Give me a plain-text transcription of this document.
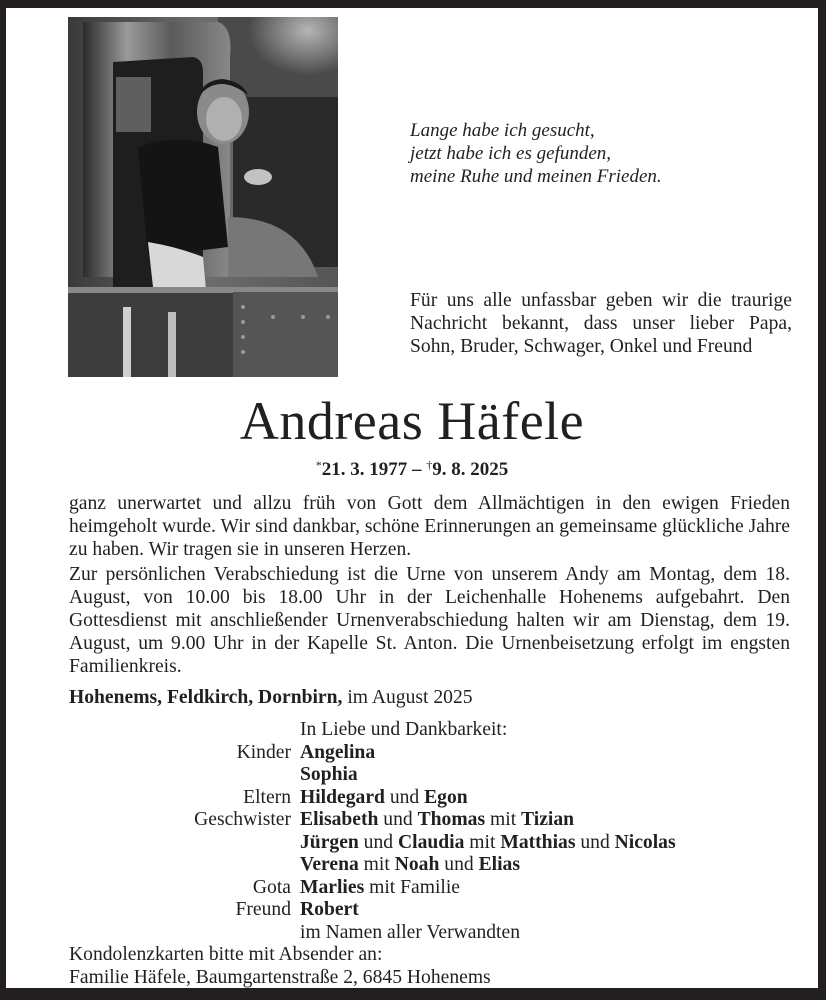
Lange habe ich gesucht,
jetzt habe ich es gefunden,
meine Ruhe und meinen Frieden.
Für uns alle unfassbar geben wir die traurige Nachricht bekannt, dass unser lieber Papa, Sohn, Bruder, Schwager, Onkel und Freund
Andreas Häfele
*21. 3. 1977 – †9. 8. 2025

ganz unerwartet und allzu früh von Gott dem Allmächtigen in den ewigen Frieden heimgeholt wurde. Wir sind dankbar, schöne Erinnerungen an gemeinsame glückliche Jahre zu haben. Wir tragen sie in unseren Herzen.

Zur persönlichen Verabschiedung ist die Urne von unserem Andy am Montag, dem 18. August, von 10.00 bis 18.00 Uhr in der Leichenhalle Hohenems aufgebahrt. Den Gottesdienst mit anschließender Urnenverabschiedung halten wir am Dienstag, dem 19. August, um 9.00 Uhr in der Kapelle St. Anton. Die Urnenbeisetzung erfolgt im engsten Familienkreis.

Hohenems, Feldkirch, Dornbirn, im August 2025
In Liebe und Dankbarkeit:
Kinder Angelina
Sophia
Eltern Hildegard und Egon
Geschwister Elisabeth und Thomas mit Tizian
Jürgen und Claudia mit Matthias und Nicolas
Verena mit Noah und Elias
Gota Marlies mit Familie
Freund Robert
im Namen aller Verwandten
Kondolenzkarten bitte mit Absender an:
Familie Häfele, Baumgartenstraße 2, 6845 Hohenems
